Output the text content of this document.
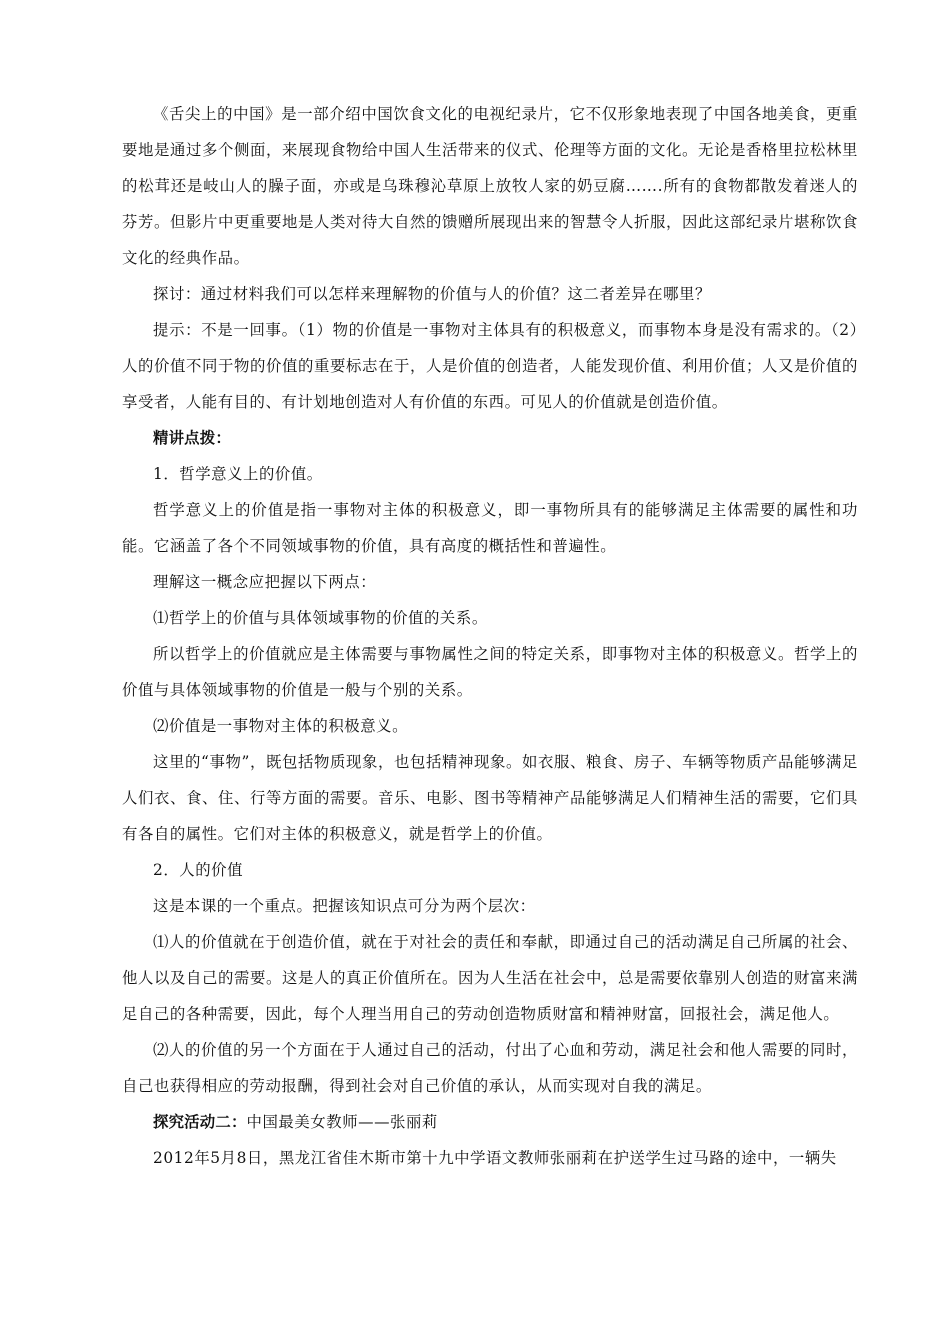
《舌尖上的中国》是一部介绍中国饮食文化的电视纪录片，它不仅形象地表现了中国各地美食，更重要地是通过多个侧面，来展现食物给中国人生活带来的仪式、伦理等方面的文化。无论是香格里拉松林里的松茸还是岐山人的臊子面，亦或是乌珠穆沁草原上放牧人家的奶豆腐…….所有的食物都散发着迷人的芬芳。但影片中更重要地是人类对待大自然的馈赠所展现出来的智慧令人折服，因此这部纪录片堪称饮食文化的经典作品。

探讨：通过材料我们可以怎样来理解物的价值与人的价值？这二者差异在哪里？

提示：不是一回事。（1）物的价值是一事物对主体具有的积极意义，而事物本身是没有需求的。（2）人的价值不同于物的价值的重要标志在于，人是价值的创造者，人能发现价值、利用价值；人又是价值的享受者，人能有目的、有计划地创造对人有价值的东西。可见人的价值就是创造价值。

精讲点拨：

1．哲学意义上的价值。

哲学意义上的价值是指一事物对主体的积极意义，即一事物所具有的能够满足主体需要的属性和功能。它涵盖了各个不同领域事物的价值，具有高度的概括性和普遍性。

理解这一概念应把握以下两点：

⑴哲学上的价值与具体领域事物的价值的关系。

所以哲学上的价值就应是主体需要与事物属性之间的特定关系，即事物对主体的积极意义。哲学上的价值与具体领域事物的价值是一般与个别的关系。

⑵价值是一事物对主体的积极意义。

这里的“事物”，既包括物质现象，也包括精神现象。如衣服、粮食、房子、车辆等物质产品能够满足人们衣、食、住、行等方面的需要。音乐、电影、图书等精神产品能够满足人们精神生活的需要，它们具有各自的属性。它们对主体的积极意义，就是哲学上的价值。

2．人的价值

这是本课的一个重点。把握该知识点可分为两个层次：

⑴人的价值就在于创造价值，就在于对社会的责任和奉献，即通过自己的活动满足自己所属的社会、他人以及自己的需要。这是人的真正价值所在。因为人生活在社会中，总是需要依靠别人创造的财富来满足自己的各种需要，因此，每个人理当用自己的劳动创造物质财富和精神财富，回报社会，满足他人。

⑵人的价值的另一个方面在于人通过自己的活动，付出了心血和劳动，满足社会和他人需要的同时，自己也获得相应的劳动报酬，得到社会对自己价值的承认，从而实现对自我的满足。

探究活动二：中国最美女教师——张丽莉

2012年5月8日，黑龙江省佳木斯市第十九中学语文教师张丽莉在护送学生过马路的途中，一辆失
